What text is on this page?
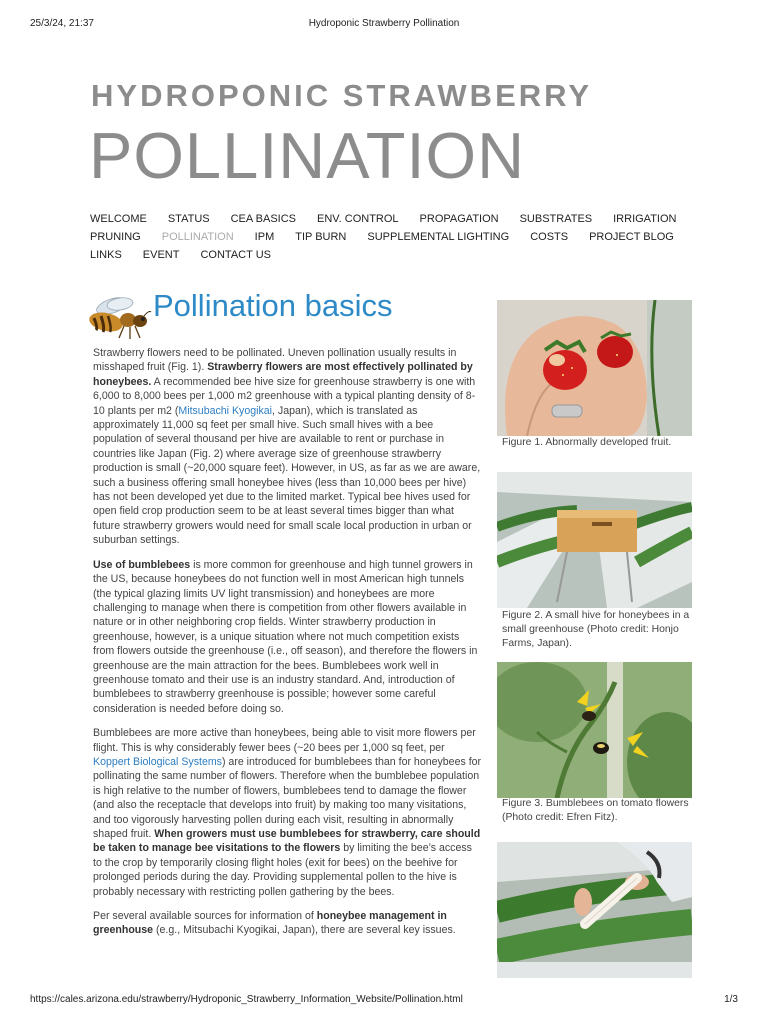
25/3/24, 21:37	Hydroponic Strawberry Pollination
HYDROPONIC STRAWBERRY
POLLINATION
WELCOME STATUS CEA BASICS ENV. CONTROL PROPAGATION SUBSTRATES IRRIGATION
PRUNING POLLINATION IPM TIP BURN SUPPLEMENTAL LIGHTING COSTS PROJECT BLOG
LINKS EVENT CONTACT US
Pollination basics

Strawberry flowers need to be pollinated. Uneven pollination usually results in misshaped fruit (Fig. 1). Strawberry flowers are most effectively pollinated by honeybees. A recommended bee hive size for greenhouse strawberry is one with 6,000 to 8,000 bees per 1,000 m2 greenhouse with a typical planting density of 8-10 plants per m2 (Mitsubachi Kyogikai, Japan), which is translated as approximately 11,000 sq feet per small hive. Such small hives with a bee population of several thousand per hive are available to rent or purchase in countries like Japan (Fig. 2) where average size of greenhouse strawberry production is small (~20,000 square feet). However, in US, as far as we are aware, such a business offering small honeybee hives (less than 10,000 bees per hive) has not been developed yet due to the limited market. Typical bee hives used for open field crop production seem to be at least several times bigger than what future strawberry growers would need for small scale local production in urban or suburban settings.

Use of bumblebees is more common for greenhouse and high tunnel growers in the US, because honeybees do not function well in most American high tunnels (the typical glazing limits UV light transmission) and honeybees are more challenging to manage when there is competition from other flowers available in nature or in other neighboring crop fields. Winter strawberry production in greenhouse, however, is a unique situation where not much competition exists from flowers outside the greenhouse (i.e., off season), and therefore the flowers in greenhouse are the main attraction for the bees. Bumblebees work well in greenhouse tomato and their use is an industry standard. And, introduction of bumblebees to strawberry greenhouse is possible; however some careful consideration is needed before doing so.

Bumblebees are more active than honeybees, being able to visit more flowers per flight. This is why considerably fewer bees (~20 bees per 1,000 sq feet, per Koppert Biological Systems) are introduced for bumblebees than for honeybees for pollinating the same number of flowers. Therefore when the bumblebee population is high relative to the number of flowers, bumblebees tend to damage the flower (and also the receptacle that develops into fruit) by making too many visitations, and too vigorously harvesting pollen during each visit, resulting in abnormally shaped fruit. When growers must use bumblebees for strawberry, care should be taken to manage bee visitations to the flowers by limiting the bee’s access to the crop by temporarily closing flight holes (exit for bees) on the beehive for prolonged periods during the day. Providing supplemental pollen to the hive is probably necessary with restricting pollen gathering by the bees.

Per several available sources for information of honeybee management in greenhouse (e.g., Mitsubachi Kyogikai, Japan), there are several key issues.

Figure 1. Abnormally developed fruit.
Figure 2. A small hive for honeybees in a small greenhouse (Photo credit: Honjo Farms, Japan).
Figure 3. Bumblebees on tomato flowers (Photo credit: Efren Fitz).
https://cales.arizona.edu/strawberry/Hydroponic_Strawberry_Information_Website/Pollination.html	1/3
